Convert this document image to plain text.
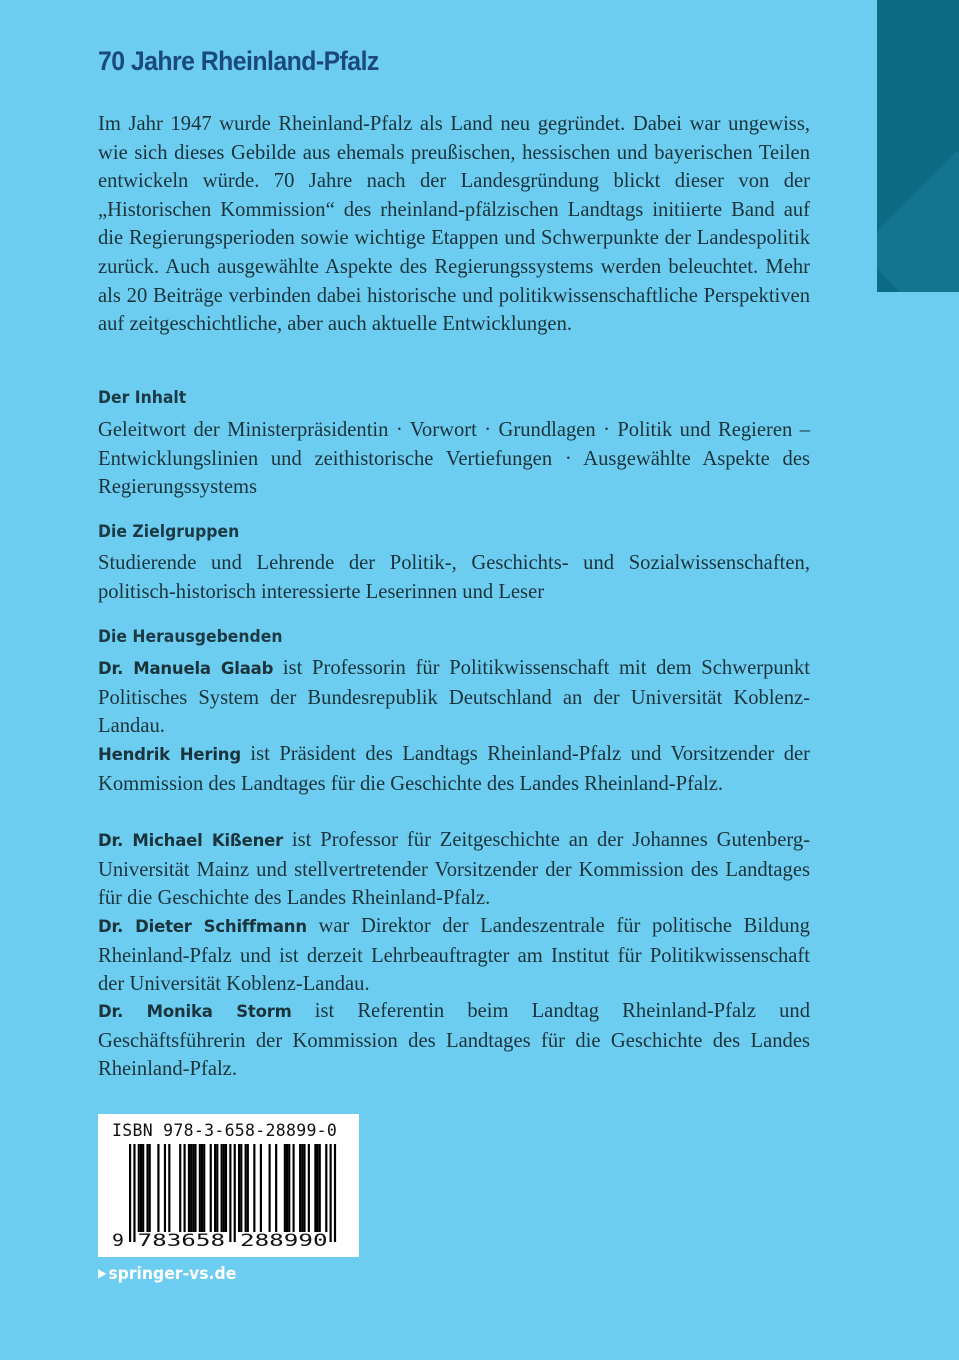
70 Jahre Rheinland-Pfalz

Im Jahr 1947 wurde Rheinland-Pfalz als Land neu gegründet. Dabei war ungewiss, wie sich dieses Gebilde aus ehemals preußischen, hessischen und bayerischen Teilen entwickeln würde. 70 Jahre nach der Landesgründung blickt dieser von der „Historischen Kommission“ des rheinland-pfälzischen Landtags initiierte Band auf die Regierungsperioden sowie wichtige Etappen und Schwerpunkte der Landespolitik zurück. Auch ausgewählte Aspekte des Regierungssystems werden beleuchtet. Mehr als 20 Beiträge verbinden dabei historische und politikwissenschaftliche Perspektiven auf zeitgeschichtliche, aber auch aktuelle Entwicklungen.

Der Inhalt

Geleitwort der Ministerpräsidentin · Vorwort · Grundlagen · Politik und Regieren – Entwicklungslinien und zeithistorische Vertiefungen · Ausgewählte Aspekte des Regierungssystems

Die Zielgruppen

Studierende und Lehrende der Politik-, Geschichts- und Sozialwissenschaften, politisch-historisch interessierte Leserinnen und Leser

Die Herausgebenden

Dr. Manuela Glaab ist Professorin für Politikwissenschaft mit dem Schwerpunkt Politisches System der Bundesrepublik Deutschland an der Universität Koblenz-Landau.

Hendrik Hering ist Präsident des Landtags Rheinland-Pfalz und Vorsitzender der Kommission des Landtages für die Geschichte des Landes Rheinland-Pfalz.

Dr. Michael Kißener ist Professor für Zeitgeschichte an der Johannes Gutenberg-Universität Mainz und stellvertretender Vorsitzender der Kommission des Landtages für die Geschichte des Landes Rheinland-Pfalz.

Dr. Dieter Schiffmann war Direktor der Landeszentrale für politische Bildung Rheinland-Pfalz und ist derzeit Lehrbeauftragter am Institut für Politikwissenschaft der Universität Koblenz-Landau.

Dr. Monika Storm ist Referentin beim Landtag Rheinland-Pfalz und Geschäftsführerin der Kommission des Landtages für die Geschichte des Landes Rheinland-Pfalz.

ISBN 978-3-658-28899-0
9 783658 288990
▶ springer-vs.de
